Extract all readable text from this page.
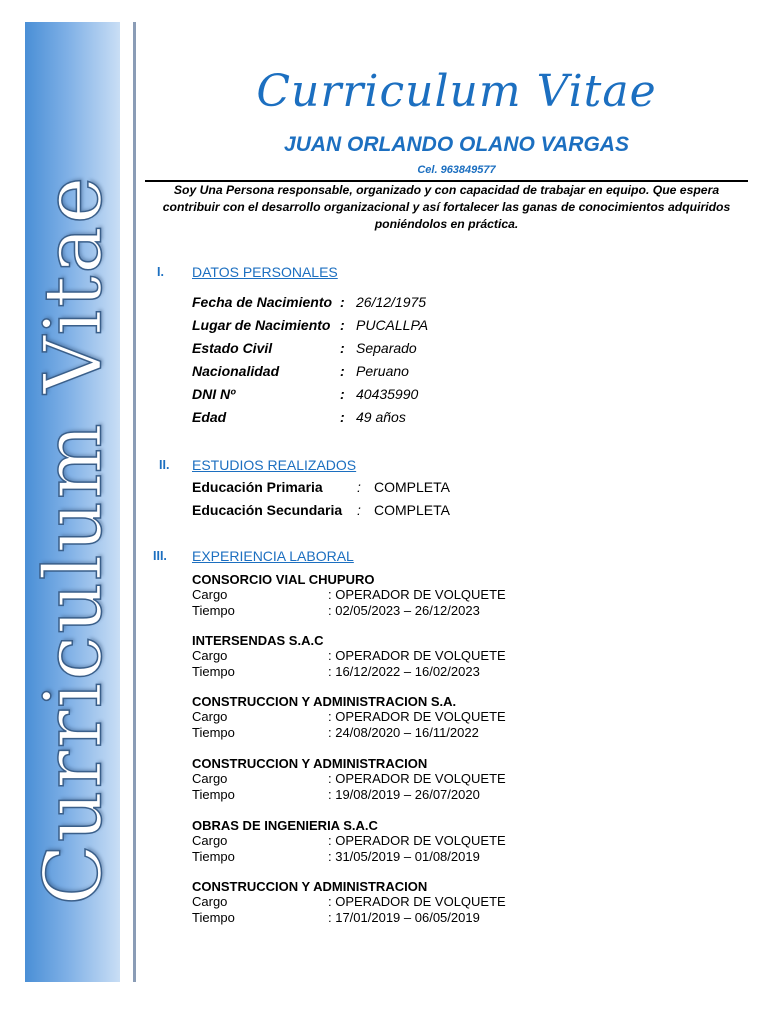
Curriculum Vitae
Curriculum Vitae
JUAN ORLANDO OLANO VARGAS
Cel. 963849577
Soy Una Persona responsable, organizado y con capacidad de trabajar en equipo. Que espera contribuir con el desarrollo organizacional y así fortalecer las ganas de conocimientos adquiridos poniéndolos en práctica.
I. DATOS PERSONALES
Fecha de Nacimiento : 26/12/1975
Lugar de Nacimiento : PUCALLPA
Estado Civil	: Separado
Nacionalidad	: Peruano
DNI Nº	: 40435990
Edad	: 49 años
II. ESTUDIOS REALIZADOS
Educación Primaria : COMPLETA
Educación Secundaria : COMPLETA
III. EXPERIENCIA LABORAL
CONSORCIO VIAL CHUPURO
Cargo	: OPERADOR DE VOLQUETE
Tiempo	: 02/05/2023 – 26/12/2023
INTERSENDAS S.A.C
Cargo	: OPERADOR DE VOLQUETE
Tiempo	: 16/12/2022 – 16/02/2023
CONSTRUCCION Y ADMINISTRACION S.A.
Cargo	: OPERADOR DE VOLQUETE
Tiempo	: 24/08/2020 – 16/11/2022
CONSTRUCCION Y ADMINISTRACION
Cargo	: OPERADOR DE VOLQUETE
Tiempo	: 19/08/2019 – 26/07/2020
OBRAS DE INGENIERIA S.A.C
Cargo	: OPERADOR DE VOLQUETE
Tiempo	: 31/05/2019 – 01/08/2019
CONSTRUCCION Y ADMINISTRACION
Cargo	: OPERADOR DE VOLQUETE
Tiempo	: 17/01/2019 – 06/05/2019
